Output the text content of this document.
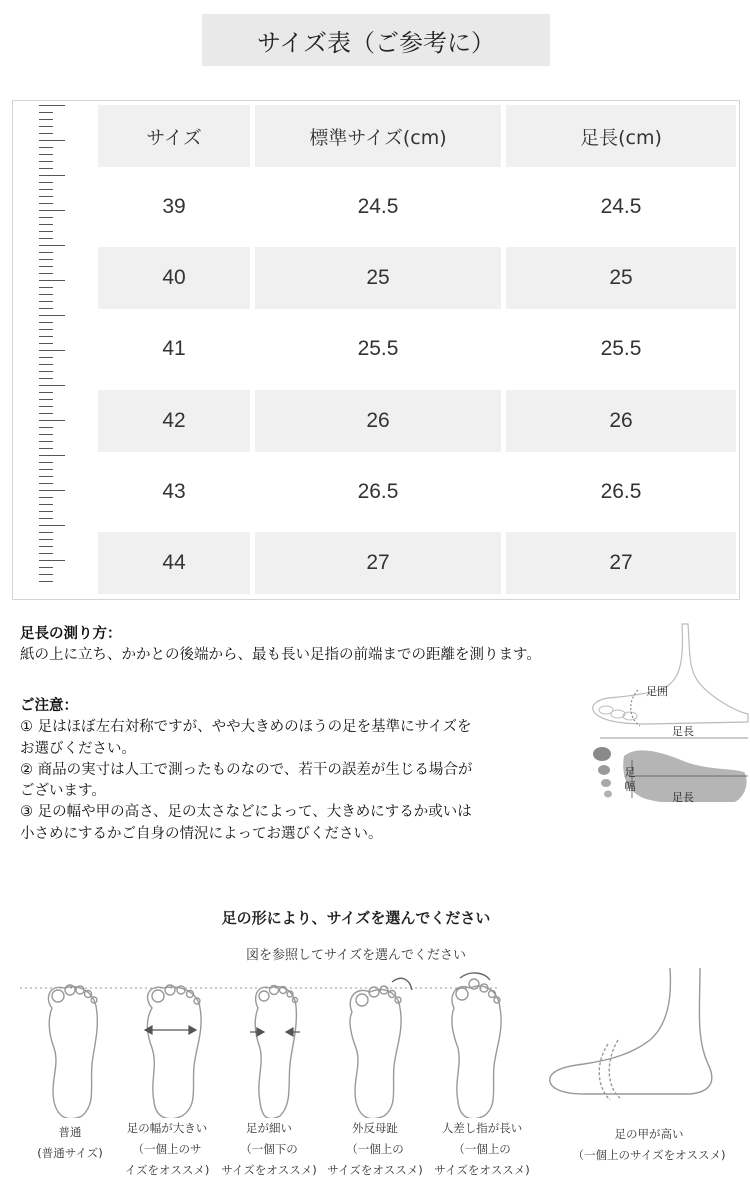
サイズ表（ご参考に）
サイズ	標準サイズ(cm)	足長(cm)
39	24.5	24.5
40	25	25
41	25.5	25.5
42	26	26
43	26.5	26.5
44	27	27
足長の測り方：
紙の上に立ち、かかとの後端から、最も長い足指の前端までの距離を測ります。
ご注意：
① 足はほぼ左右対称ですが、やや大きめのほうの足を基準にサイズを
お選びください。
② 商品の実寸は人工で測ったものなので、若干の誤差が生じる場合が
ございます。
③ 足の幅や甲の高さ、足の太さなどによって、大きめにするか或いは
小さめにするかご自身の情況によってお選びください。
足囲
足長
足幅
足長
足の形により、サイズを選んでください
図を参照してサイズを選んでください
普通
(普通サイズ)
足の幅が大きい
（一個上のサ
イズをオススメ)
足が細い
（一個下の
サイズをオススメ)
外反母趾
（一個上の
サイズをオススメ)
人差し指が長い
（一個上の
サイズをオススメ)
足の甲が高い
（一個上のサイズをオススメ)
